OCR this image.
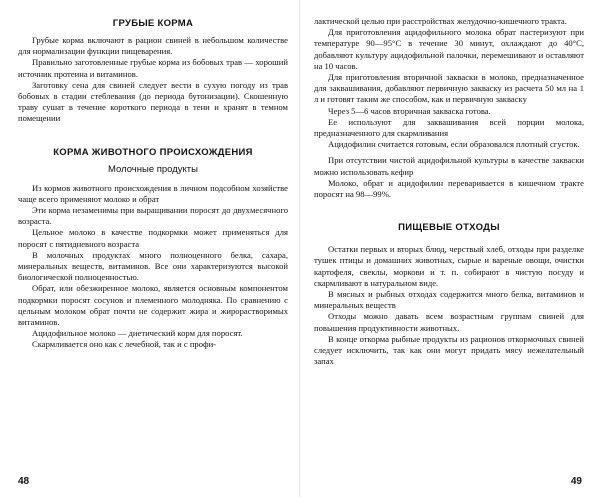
ГРУБЫЕ КОРМА

Грубые корма включают в рацион свиней в небольшом количестве для нормализации функции пищеварения.

Правильно заготовленные грубые корма из бобовых трав — хороший источник протеина и витаминов.

Заготовку сена для свиней следует вести в сухую погоду из трав бобовых в стадии стеблевания (до периода бутонизации). Скошенную траву сушат в течение короткого периода в тени и хранят в темном помещении

КОРМА ЖИВОТНОГО ПРОИСХОЖДЕНИЯ
Молочные продукты

Из кормов животного происхождения в личном подсобном хозяйстве чаще всего применяют молоко и обрат

Эти корма незаменимы при выращивании поросят до двухмесячного возраста.

Цельное молоко в качестве подкормки может применяться для поросят с пятидневного возраста

В молочных продуктах много полноценного белка, сахара, минеральных веществ, витаминов. Все они характеризуются высокой биологической полноценностью.

Обрат, или обезжиренное молоко, является основным компонентом подкормки поросят сосунов и племенного молодняка. По сравнению с цельным молоком обрат почти не содержит жира и жирорастворимых витаминов.

Ацидофильное молоко — диетический корм для поросят.

Скармливается оно как с лечебной, так и с профи-

48

лактической целью при расстройствах желудочно-кишечного тракта.

Для приготовления ацидофильного молока обрат пастеризуют при температуре 90—95°С в течение 30 минут, охлаждают до 40°С, добавляют культуру ацидофильной палочки, перемешивают и оставляют на 10 часов.

Для приготовления вторичной закваски в молоко, предназначенное для заквашивания, добавляют первичную закваску из расчета 50 мл на 1 л и готовят таким же способом, как и первичную закваску

Через 5—6 часов вторичная закваска готова.

Ее используют для заквашивания всей порции молока, предназначенного для скармливания

Ацидофилин считается готовым, если образовался плотный сгусток.

При отсутствии чистой ацидофильной культуры в качестве закваски можно использовать кефир

Молоко, обрат и ацидофилин переваривается в кишечном тракте поросят на 98—99%.

ПИЩЕВЫЕ ОТХОДЫ

Остатки первых и вторых блюд, черствый хлеб, отходы при разделке тушек птицы и домашних животных, сырые и вареные овощи, очистки картофеля, свеклы, моркови и т. п. собирают в чистую посуду и скармливают в натуральном виде.

В мясных и рыбных отходах содержится много белка, витаминов и минеральных веществ

Отходы можно давать всем возрастным группам свиней для повышения продуктивности животных.

В конце откорма рыбные продукты из рационов откормочных свиней следует исключить, так как они могут придать мясу нежелательный запах

49
